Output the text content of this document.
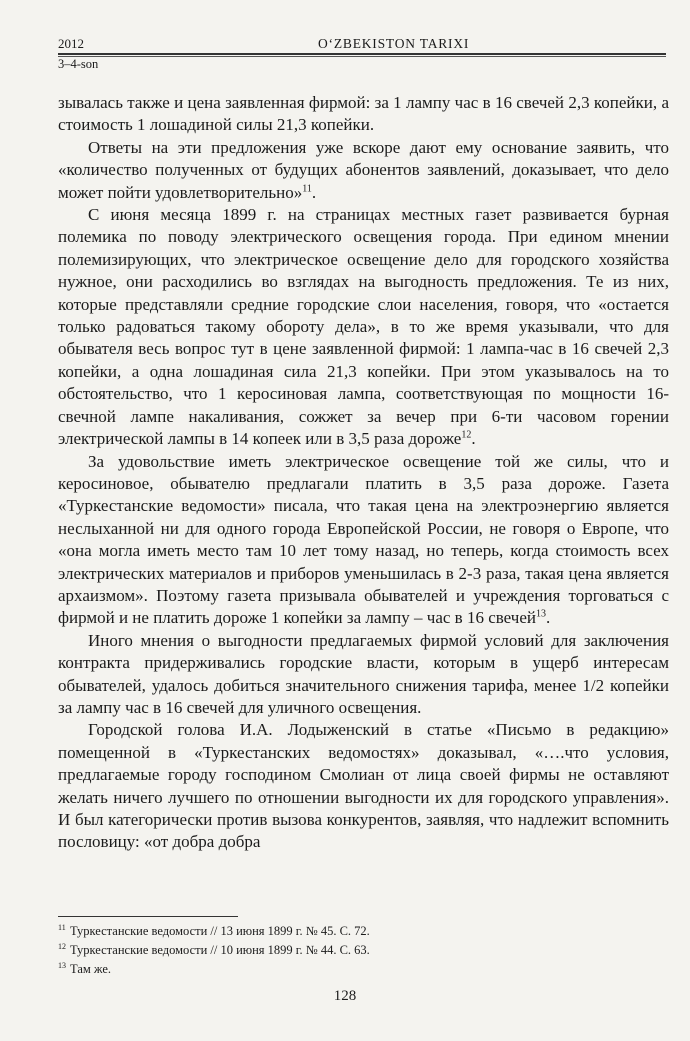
2012	O‘ZBEKISTON TARIXI
3–4-son

зывалась также и цена заявленная фирмой: за 1 лампу час в 16 свечей 2,3 копейки, а стоимость 1 лошадиной силы 21,3 копейки.

Ответы на эти предложения уже вскоре дают ему основание заявить, что «количество полученных от будущих абонентов заявлений, доказывает, что дело может пойти удовлетворительно»$^{11}$.

С июня месяца 1899 г. на страницах местных газет развивается бурная полемика по поводу электрического освещения города. При едином мнении полемизирующих, что электрическое освещение дело для городского хозяйства нужное, они расходились во взглядах на выгодность предложения. Те из них, которые представляли средние городские слои населения, говоря, что «остается только радоваться такому обороту дела», в то же время указывали, что для обывателя весь вопрос тут в цене заявленной фирмой: 1 лампа-час в 16 свечей 2,3 копейки, а одна лошадиная сила 21,3 копейки. При этом указывалось на то обстоятельство, что 1 керосиновая лампа, соответствующая по мощности 16-свечной лампе накаливания, сожжет за вечер при 6-ти часовом горении электрической лампы в 14 копеек или в 3,5 раза дороже$^{12}$.

За удовольствие иметь электрическое освещение той же силы, что и керосиновое, обывателю предлагали платить в 3,5 раза дороже. Газета «Туркестанские ведомости» писала, что такая цена на электроэнергию является неслыханной ни для одного города Европейской России, не говоря о Европе, что «она могла иметь место там 10 лет тому назад, но теперь, когда стоимость всех электрических материалов и приборов уменьшилась в 2-3 раза, такая цена является архаизмом». Поэтому газета призывала обывателей и учреждения торговаться с фирмой и не платить дороже 1 копейки за лампу – час в 16 свечей$^{13}$.

Иного мнения о выгодности предлагаемых фирмой условий для заключения контракта придерживались городские власти, которым в ущерб интересам обывателей, удалось добиться значительного снижения тарифа, менее 1/2 копейки за лампу час в 16 свечей для уличного освещения.

Городской голова И.А. Лодыженский в статье «Письмо в редакцию» помещенной в «Туркестанских ведомостях» доказывал, «….что условия, предлагаемые городу господином Смолиан от лица своей фирмы не оставляют желать ничего лучшего по отношении выгодности их для городского управления». И был категорически против вызова конкурентов, заявляя, что надлежит вспомнить пословицу: «от добра добра

$^{11}$ Туркестанские ведомости // 13 июня 1899 г. № 45. С. 72.
$^{12}$ Туркестанские ведомости // 10 июня 1899 г. № 44. С. 63.
$^{13}$ Там же.
128
